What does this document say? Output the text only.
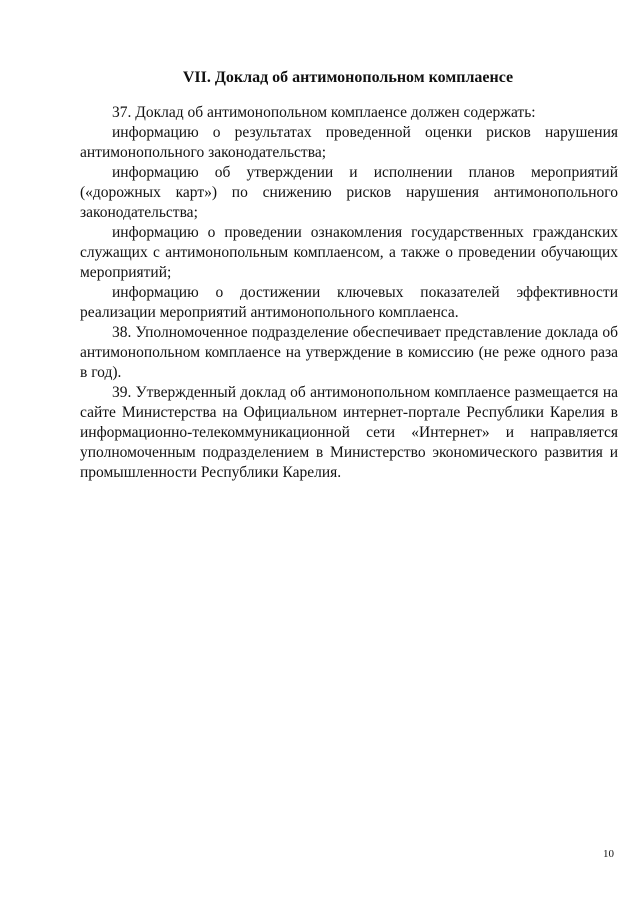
VII. Доклад об антимонопольном комплаенсе

37. Доклад об антимонопольном комплаенсе должен содержать:

информацию о результатах проведенной оценки рисков нарушения антимонопольного законодательства;

информацию об утверждении и исполнении планов мероприятий («дорожных карт») по снижению рисков нарушения антимонопольного законодательства;

информацию о проведении ознакомления государственных гражданских служащих с антимонопольным комплаенсом, а также о проведении обучающих мероприятий;

информацию о достижении ключевых показателей эффективности реализации мероприятий антимонопольного комплаенса.

38. Уполномоченное подразделение обеспечивает представление доклада об антимонопольном комплаенсе на утверждение в комиссию (не реже одного раза в год).

39. Утвержденный доклад об антимонопольном комплаенсе размещается на сайте Министерства на Официальном интернет-портале Республики Карелия в информационно-телекоммуникационной сети «Интернет» и направляется уполномоченным подразделением в Министерство экономического развития и промышленности Республики Карелия.

10
